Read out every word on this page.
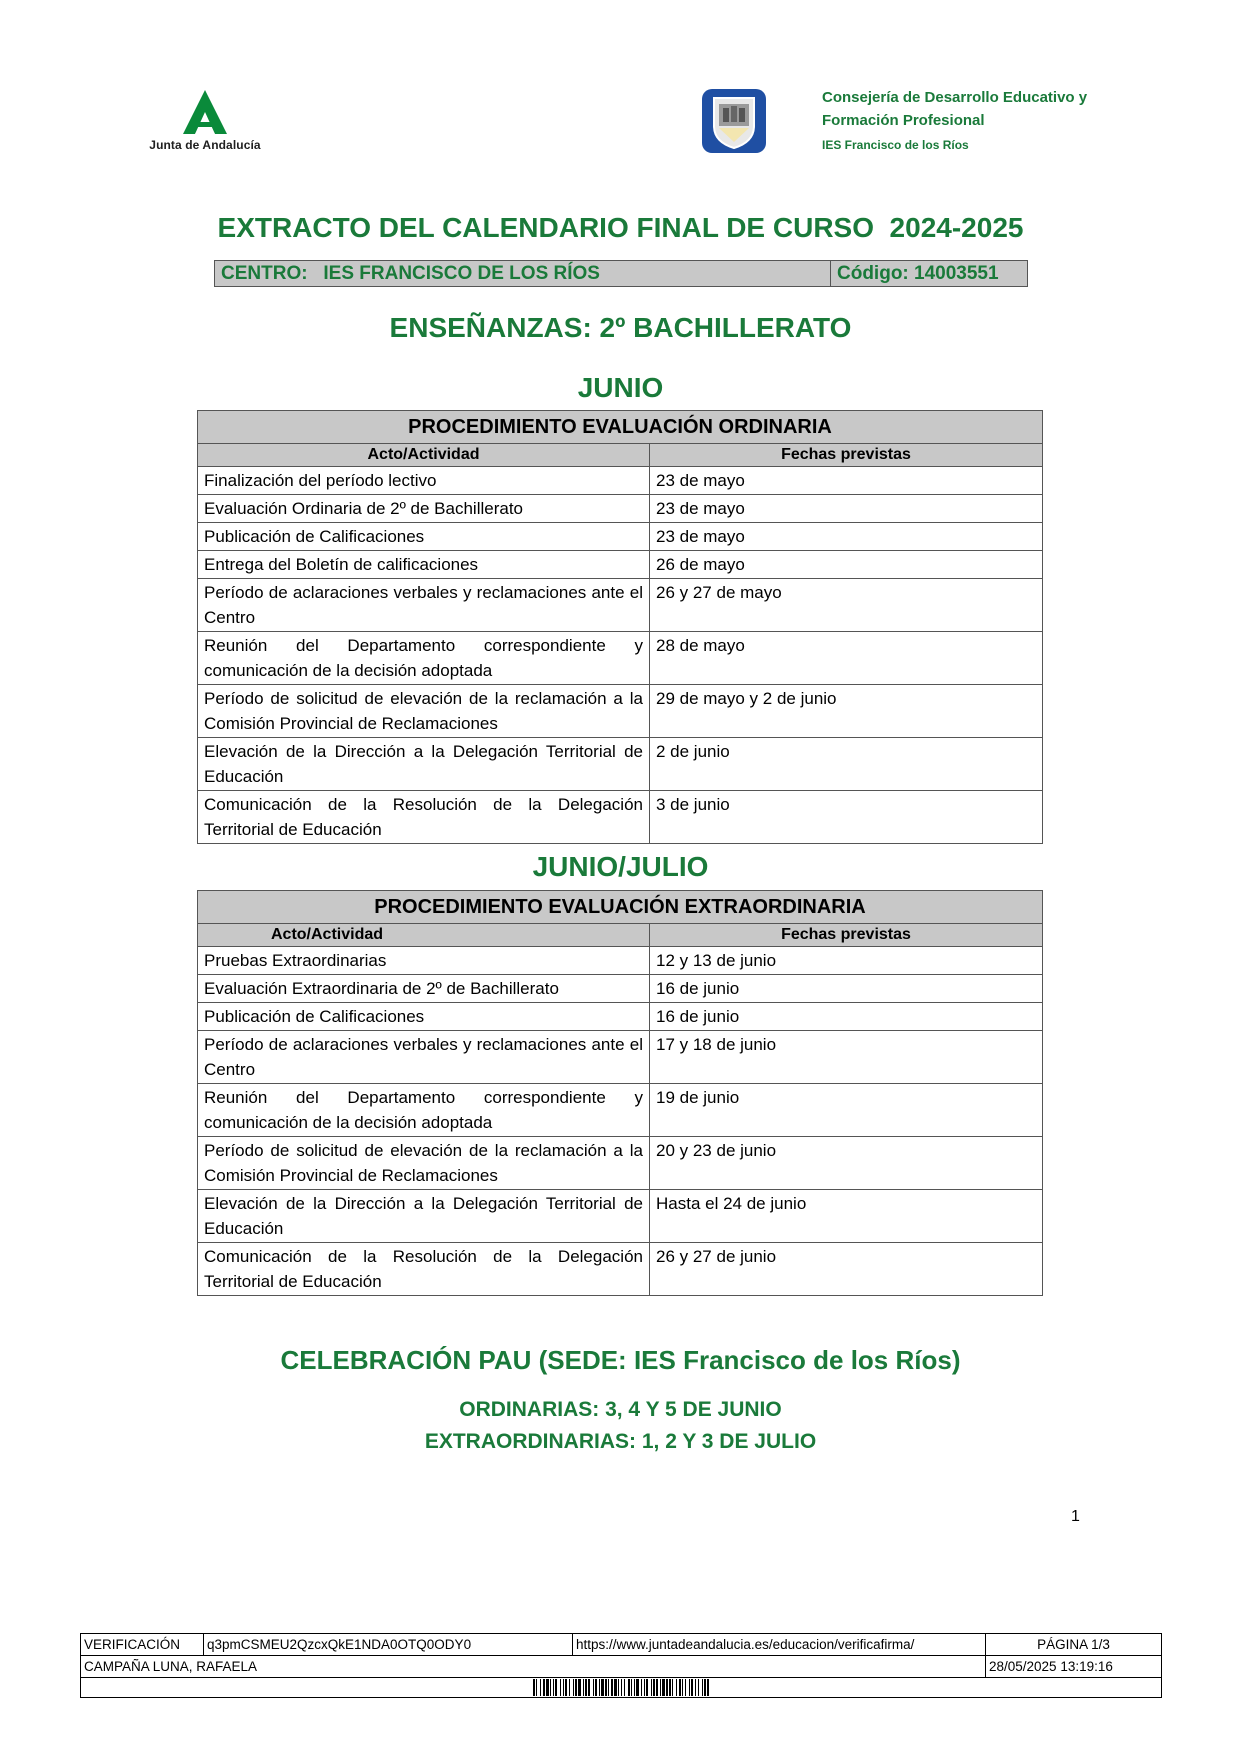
Junta de Andalucía
Consejería de Desarrollo Educativo y
Formación Profesional
IES Francisco de los Ríos
EXTRACTO DEL CALENDARIO FINAL DE CURSO  2024-2025
CENTRO:   IES FRANCISCO DE LOS RÍOS	Código: 14003551
ENSEÑANZAS: 2º BACHILLERATO
JUNIO
PROCEDIMIENTO EVALUACIÓN ORDINARIA	
Acto/Actividad	Fechas previstas
Finalización del período lectivo	23 de mayo
Evaluación Ordinaria de 2º de Bachillerato	23 de mayo
Publicación de Calificaciones	23 de mayo
Entrega del Boletín de calificaciones	26 de mayo
Período de aclaraciones verbales y reclamaciones ante el Centro	26 y 27 de mayo
Reunión del Departamento correspondiente y comunicación de la decisión adoptada	28 de mayo
Período de solicitud de elevación de la reclamación a la Comisión Provincial de Reclamaciones	29 de mayo y 2 de junio
Elevación de la Dirección a la Delegación Territorial de Educación	2 de junio
Comunicación de la Resolución de la Delegación Territorial de Educación	3 de junio
JUNIO/JULIO
PROCEDIMIENTO EVALUACIÓN EXTRAORDINARIA	
Acto/Actividad	Fechas previstas
Pruebas Extraordinarias	12 y 13 de junio
Evaluación Extraordinaria de 2º de Bachillerato	16 de junio
Publicación de Calificaciones	16 de junio
Período de aclaraciones verbales y reclamaciones ante el Centro	17 y 18 de junio
Reunión del Departamento correspondiente y comunicación de la decisión adoptada	19 de junio
Período de solicitud de elevación de la reclamación a la Comisión Provincial de Reclamaciones	20 y 23 de junio
Elevación de la Dirección a la Delegación Territorial de Educación	Hasta el 24 de junio
Comunicación de la Resolución de la Delegación Territorial de Educación	26 y 27 de junio
CELEBRACIÓN PAU (SEDE: IES Francisco de los Ríos)
ORDINARIAS: 3, 4 Y 5 DE JUNIO
EXTRAORDINARIAS: 1, 2 Y 3 DE JULIO
1
VERIFICACIÓN	q3pmCSMEU2QzcxQkE1NDA0OTQ0ODY0	https://www.juntadeandalucia.es/educacion/verificafirma/	PÁGINA 1/3
CAMPAÑA LUNA, RAFAELA			28/05/2025 13:19:16
